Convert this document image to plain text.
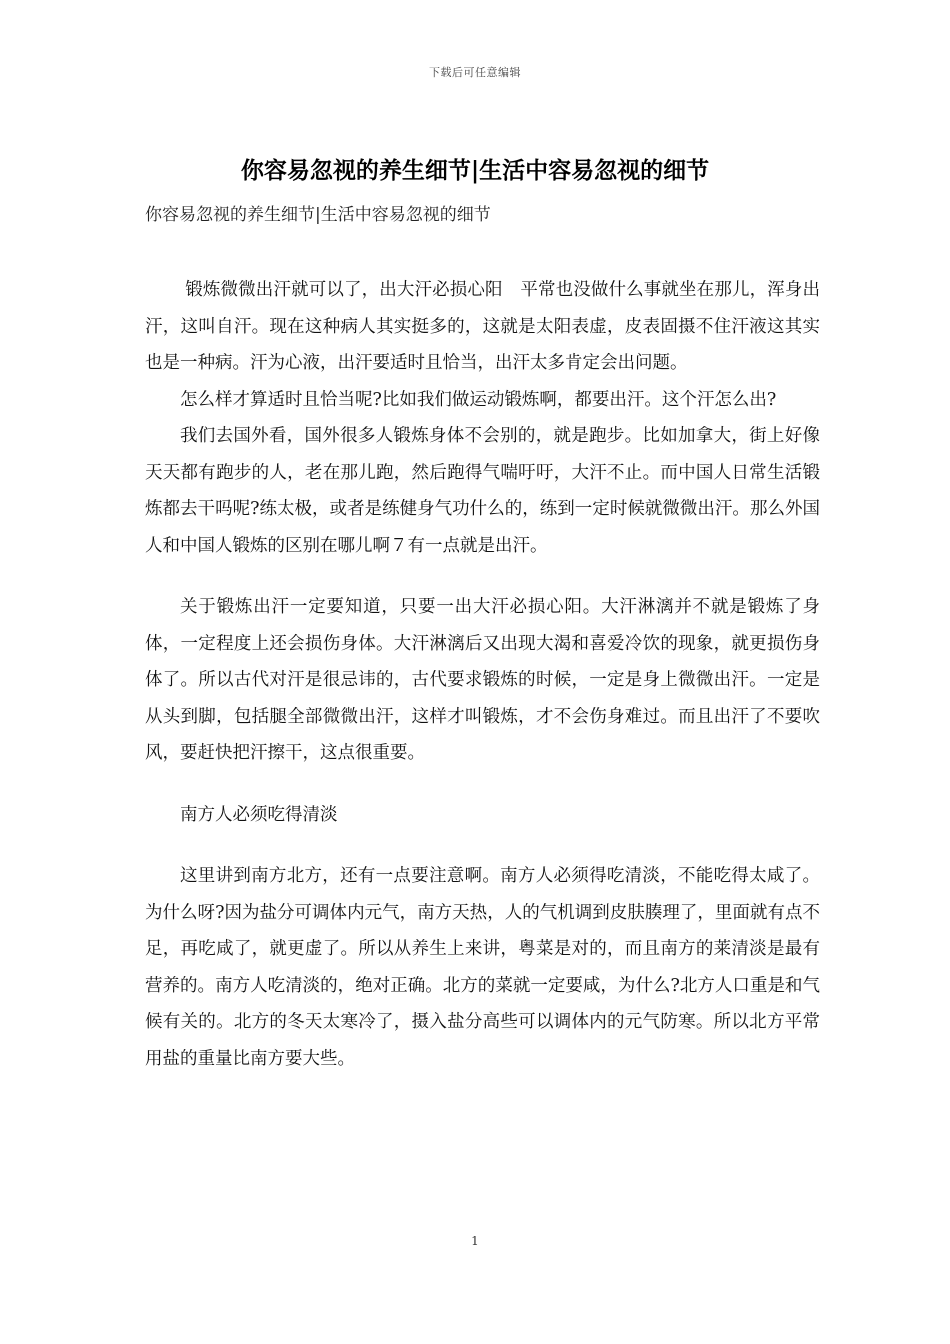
下载后可任意编辑
你容易忽视的养生细节|生活中容易忽视的细节
你容易忽视的养生细节|生活中容易忽视的细节

锻炼微微出汗就可以了，出大汗必损心阳　平常也没做什么事就坐在那儿，浑身出汗，这叫自汗。现在这种病人其实挺多的，这就是太阳表虚，皮表固摄不住汗液这其实也是一种病。汗为心液，出汗要适时且恰当，出汗太多肯定会出问题。

怎么样才算适时且恰当呢?比如我们做运动锻炼啊，都要出汗。这个汗怎么出?

我们去国外看，国外很多人锻炼身体不会别的，就是跑步。比如加拿大，街上好像天天都有跑步的人，老在那儿跑，然后跑得气喘吁吁，大汗不止。而中国人日常生活锻炼都去干吗呢?练太极，或者是练健身气功什么的，练到一定时候就微微出汗。那么外国人和中国人锻炼的区别在哪儿啊７有一点就是出汗。

关于锻炼出汗一定要知道，只要一出大汗必损心阳。大汗淋漓并不就是锻炼了身体，一定程度上还会损伤身体。大汗淋漓后又出现大渴和喜爱冷饮的现象，就更损伤身体了。所以古代对汗是很忌讳的，古代要求锻炼的时候，一定是身上微微出汗。一定是从头到脚，包括腿全部微微出汗，这样才叫锻炼，才不会伤身难过。而且出汗了不要吹风，要赶快把汗擦干，这点很重要。

南方人必须吃得清淡

这里讲到南方北方，还有一点要注意啊。南方人必须得吃清淡，不能吃得太咸了。为什么呀?因为盐分可调体内元气，南方天热，人的气机调到皮肤腠理了，里面就有点不足，再吃咸了，就更虚了。所以从养生上来讲，粤菜是对的，而且南方的莱清淡是最有营养的。南方人吃清淡的，绝对正确。北方的菜就一定要咸，为什么?北方人口重是和气候有关的。北方的冬天太寒冷了，摄入盐分高些可以调体内的元气防寒。所以北方平常用盐的重量比南方要大些。

1
